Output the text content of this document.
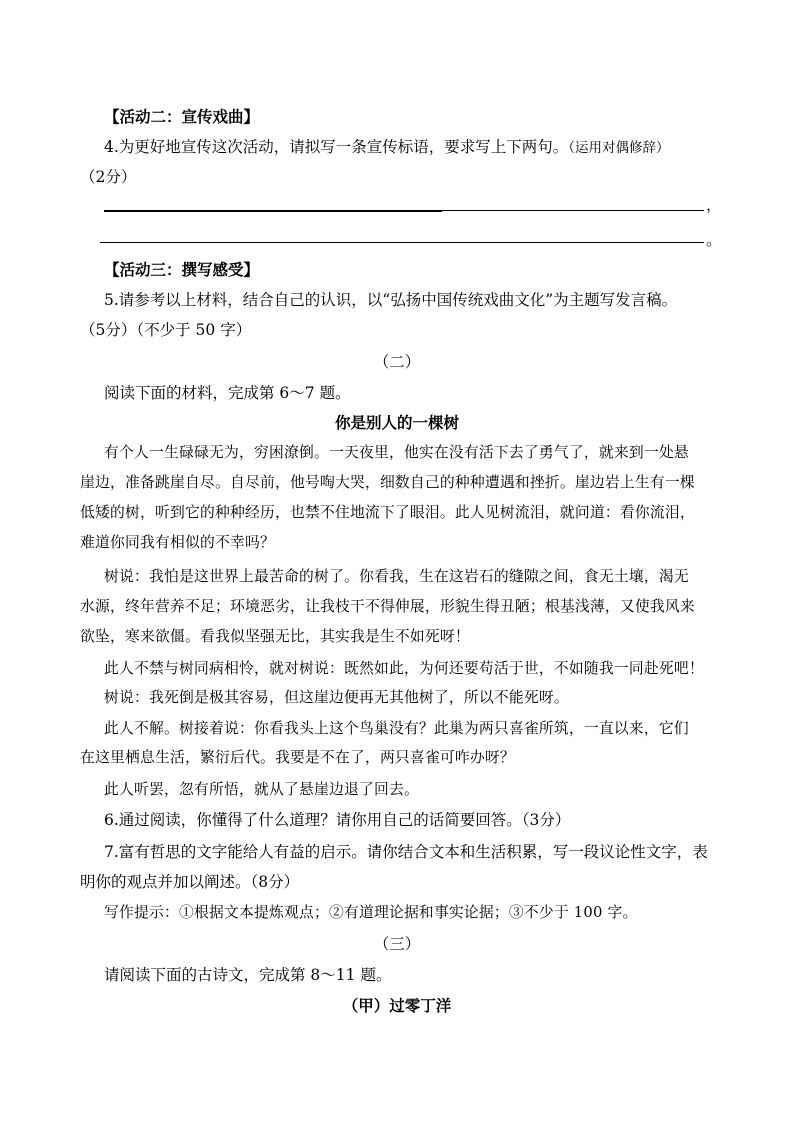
【活动二：宣传戏曲】
4.为更好地宣传这次活动，请拟写一条宣传标语，要求写上下两句。（运用对偶修辞）
（2分）
，
。
【活动三：撰写感受】
5.请参考以上材料，结合自己的认识，以“弘扬中国传统戏曲文化”为主题写发言稿。
（5分）（不少于 50 字）
（二）
阅读下面的材料，完成第 6～7 题。
你是别人的一棵树
有个人一生碌碌无为，穷困潦倒。一天夜里，他实在没有活下去了勇气了，就来到一处悬
崖边，准备跳崖自尽。自尽前，他号啕大哭，细数自己的种种遭遇和挫折。崖边岩上生有一棵
低矮的树，听到它的种种经历，也禁不住地流下了眼泪。此人见树流泪，就问道：看你流泪，
难道你同我有相似的不幸吗？
树说：我怕是这世界上最苦命的树了。你看我，生在这岩石的缝隙之间，食无土壤，渴无
水源，终年营养不足；环境恶劣，让我枝干不得伸展，形貌生得丑陋；根基浅薄，又使我风来
欲坠，寒来欲僵。看我似坚强无比，其实我是生不如死呀！
此人不禁与树同病相怜，就对树说：既然如此，为何还要苟活于世，不如随我一同赴死吧！
树说：我死倒是极其容易，但这崖边便再无其他树了，所以不能死呀。
此人不解。树接着说：你看我头上这个鸟巢没有？此巢为两只喜雀所筑，一直以来，它们
在这里栖息生活，繁衍后代。我要是不在了，两只喜雀可咋办呀？
此人听罢，忽有所悟，就从了悬崖边退了回去。
6.通过阅读，你懂得了什么道理？请你用自己的话简要回答。（3分）
7.富有哲思的文字能给人有益的启示。请你结合文本和生活积累，写一段议论性文字，表
明你的观点并加以阐述。（8分）
写作提示：①根据文本提炼观点；②有道理论据和事实论据；③不少于 100 字。
（三）
请阅读下面的古诗文，完成第 8～11 题。
（甲）过零丁洋
